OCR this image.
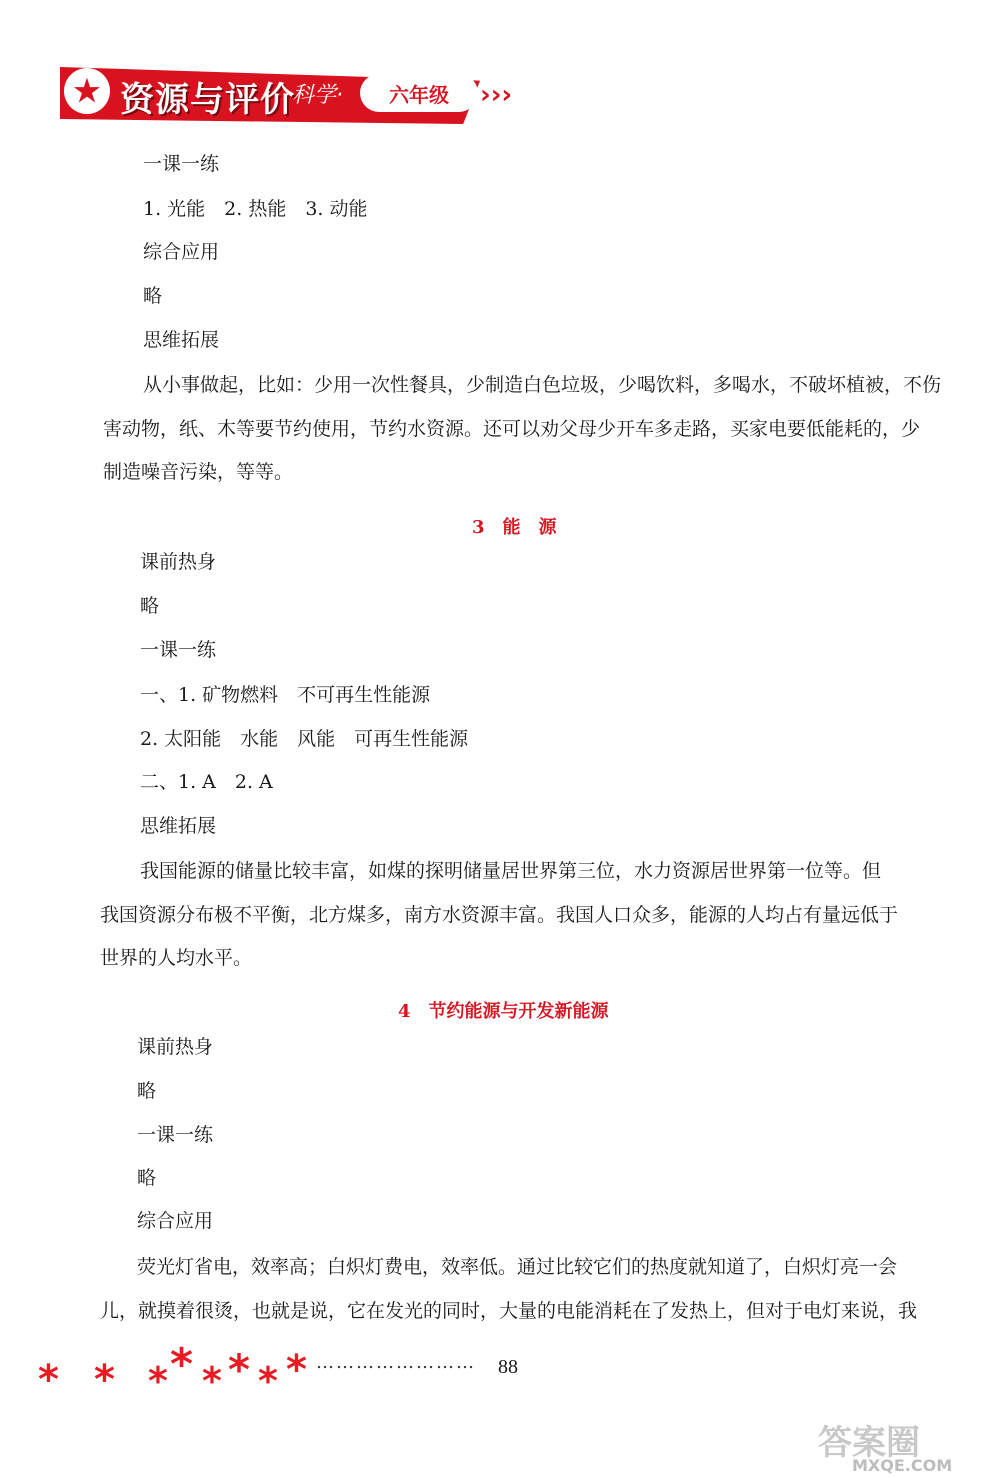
★ 资源与评价
科学·	六年级	›››
一课一练
1. 光能　2. 热能　3. 动能
综合应用
略
思维拓展
从小事做起，比如：少用一次性餐具，少制造白色垃圾，少喝饮料，多喝水，不破坏植被，不伤
害动物，纸、木等要节约使用，节约水资源。还可以劝父母少开车多走路，买家电要低能耗的，少
制造噪音污染，等等。
3　能　源
课前热身
略
一课一练
一、1. 矿物燃料　不可再生性能源
2. 太阳能　水能　风能　可再生性能源
二、1. A　2. A
思维拓展
我国能源的储量比较丰富，如煤的探明储量居世界第三位，水力资源居世界第一位等。但
我国资源分布极不平衡，北方煤多，南方水资源丰富。我国人口众多，能源的人均占有量远低于
世界的人均水平。
4　节约能源与开发新能源
课前热身
略
一课一练
略
综合应用
荧光灯省电，效率高；白炽灯费电，效率低。通过比较它们的热度就知道了，白炽灯亮一会
儿，就摸着很烫，也就是说，它在发光的同时，大量的电能消耗在了发热上，但对于电灯来说，我
* * * * * * * * …………………… 88
答案圈
MXQE.COM
